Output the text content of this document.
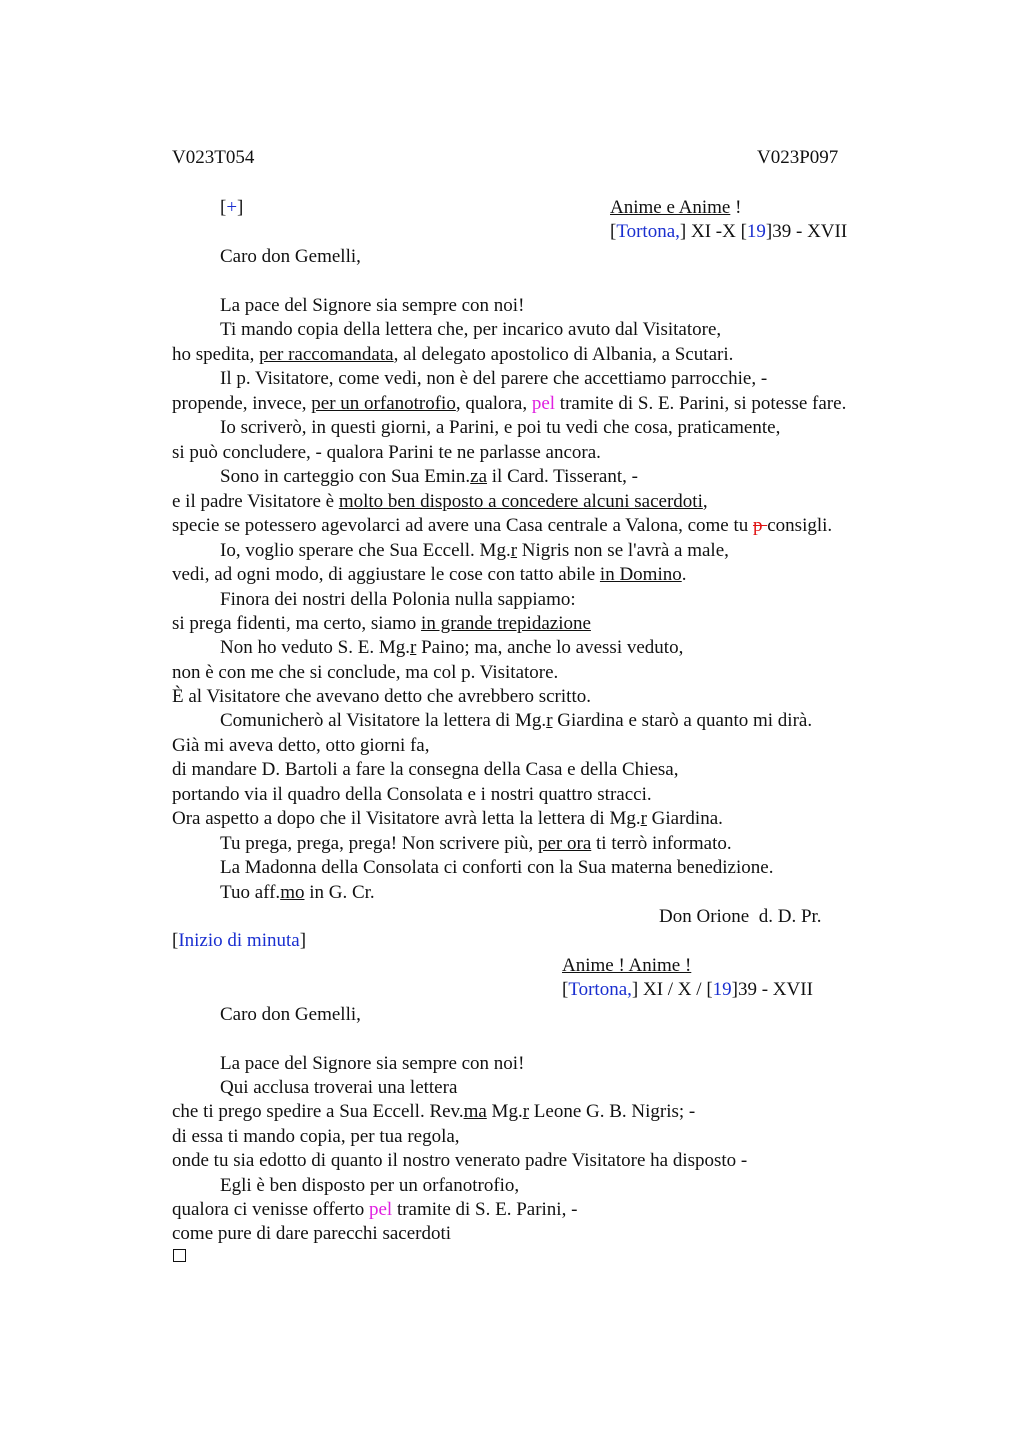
V023T054	V023P097
[+]	Anime e Anime !
[Tortona,] XI -X [19]39 - XVII
Caro don Gemelli,
La pace del Signore sia sempre con noi!
Ti mando copia della lettera che, per incarico avuto dal Visitatore,
ho spedita, per raccomandata, al delegato apostolico di Albania, a Scutari.
Il p. Visitatore, come vedi, non è del parere che accettiamo parrocchie, -
propende, invece, per un orfanotrofio, qualora, pel tramite di S. E. Parini, si potesse fare.
Io scriverò, in questi giorni, a Parini, e poi tu vedi che cosa, praticamente,
si può concludere, - qualora Parini te ne parlasse ancora.
Sono in carteggio con Sua Emin.za il Card. Tisserant, -
e il padre Visitatore è molto ben disposto a concedere alcuni sacerdoti,
specie se potessero agevolarci ad avere una Casa centrale a Valona, come tu p consigli.
Io, voglio sperare che Sua Eccell. Mg.r Nigris non se l'avrà a male,
vedi, ad ogni modo, di aggiustare le cose con tatto abile in Domino.
Finora dei nostri della Polonia nulla sappiamo:
si prega fidenti, ma certo, siamo in grande trepidazione
Non ho veduto S. E. Mg.r Paino; ma, anche lo avessi veduto,
non è con me che si conclude, ma col p. Visitatore.
È al Visitatore che avevano detto che avrebbero scritto.
Comunicherò al Visitatore la lettera di Mg.r Giardina e starò a quanto mi dirà.
Già mi aveva detto, otto giorni fa,
di mandare D. Bartoli a fare la consegna della Casa e della Chiesa,
portando via il quadro della Consolata e i nostri quattro stracci.
Ora aspetto a dopo che il Visitatore avrà letta la lettera di Mg.r Giardina.
Tu prega, prega, prega! Non scrivere più, per ora ti terrò informato.
La Madonna della Consolata ci conforti con la Sua materna benedizione.
Tuo aff.mo in G. Cr.
Don Orione  d. D. Pr.
[Inizio di minuta]
Anime ! Anime !
[Tortona,] XI / X / [19]39 - XVII
Caro don Gemelli,
La pace del Signore sia sempre con noi!
Qui acclusa troverai una lettera
che ti prego spedire a Sua Eccell. Rev.ma Mg.r Leone G. B. Nigris; -
di essa ti mando copia, per tua regola,
onde tu sia edotto di quanto il nostro venerato padre Visitatore ha disposto -
Egli è ben disposto per un orfanotrofio,
qualora ci venisse offerto pel tramite di S. E. Parini, -
come pure di dare parecchi sacerdoti
